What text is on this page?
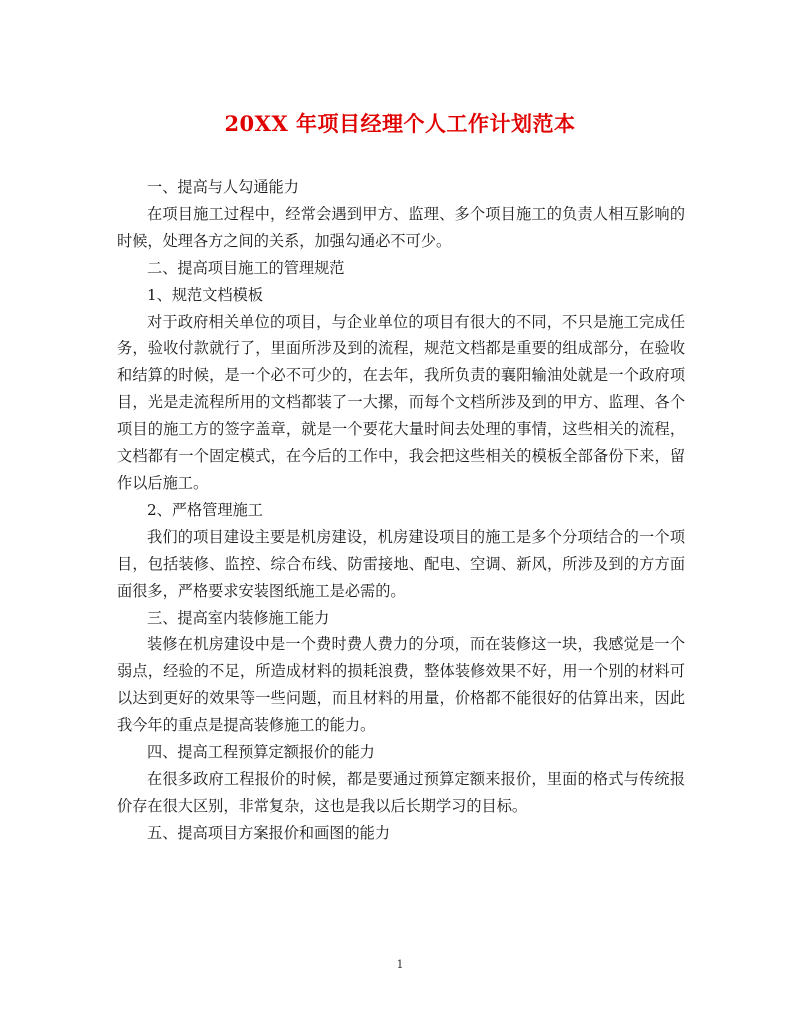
20XX 年项目经理个人工作计划范本

一、提高与人勾通能力

在项目施工过程中，经常会遇到甲方、监理、多个项目施工的负责人相互影响的时候，处理各方之间的关系，加强勾通必不可少。

二、提高项目施工的管理规范

1、规范文档模板

对于政府相关单位的项目，与企业单位的项目有很大的不同，不只是施工完成任务，验收付款就行了，里面所涉及到的流程，规范文档都是重要的组成部分，在验收和结算的时候，是一个必不可少的，在去年，我所负责的襄阳输油处就是一个政府项目，光是走流程所用的文档都装了一大摞，而每个文档所涉及到的甲方、监理、各个项目的施工方的签字盖章，就是一个要花大量时间去处理的事情，这些相关的流程，文档都有一个固定模式，在今后的工作中，我会把这些相关的模板全部备份下来，留作以后施工。

2、严格管理施工

我们的项目建设主要是机房建设，机房建设项目的施工是多个分项结合的一个项目，包括装修、监控、综合布线、防雷接地、配电、空调、新风，所涉及到的方方面面很多，严格要求安装图纸施工是必需的。

三、提高室内装修施工能力

装修在机房建设中是一个费时费人费力的分项，而在装修这一块，我感觉是一个弱点，经验的不足，所造成材料的损耗浪费，整体装修效果不好，用一个别的材料可以达到更好的效果等一些问题，而且材料的用量，价格都不能很好的估算出来，因此我今年的重点是提高装修施工的能力。

四、提高工程预算定额报价的能力

在很多政府工程报价的时候，都是要通过预算定额来报价，里面的格式与传统报价存在很大区别，非常复杂，这也是我以后长期学习的目标。

五、提高项目方案报价和画图的能力

1
